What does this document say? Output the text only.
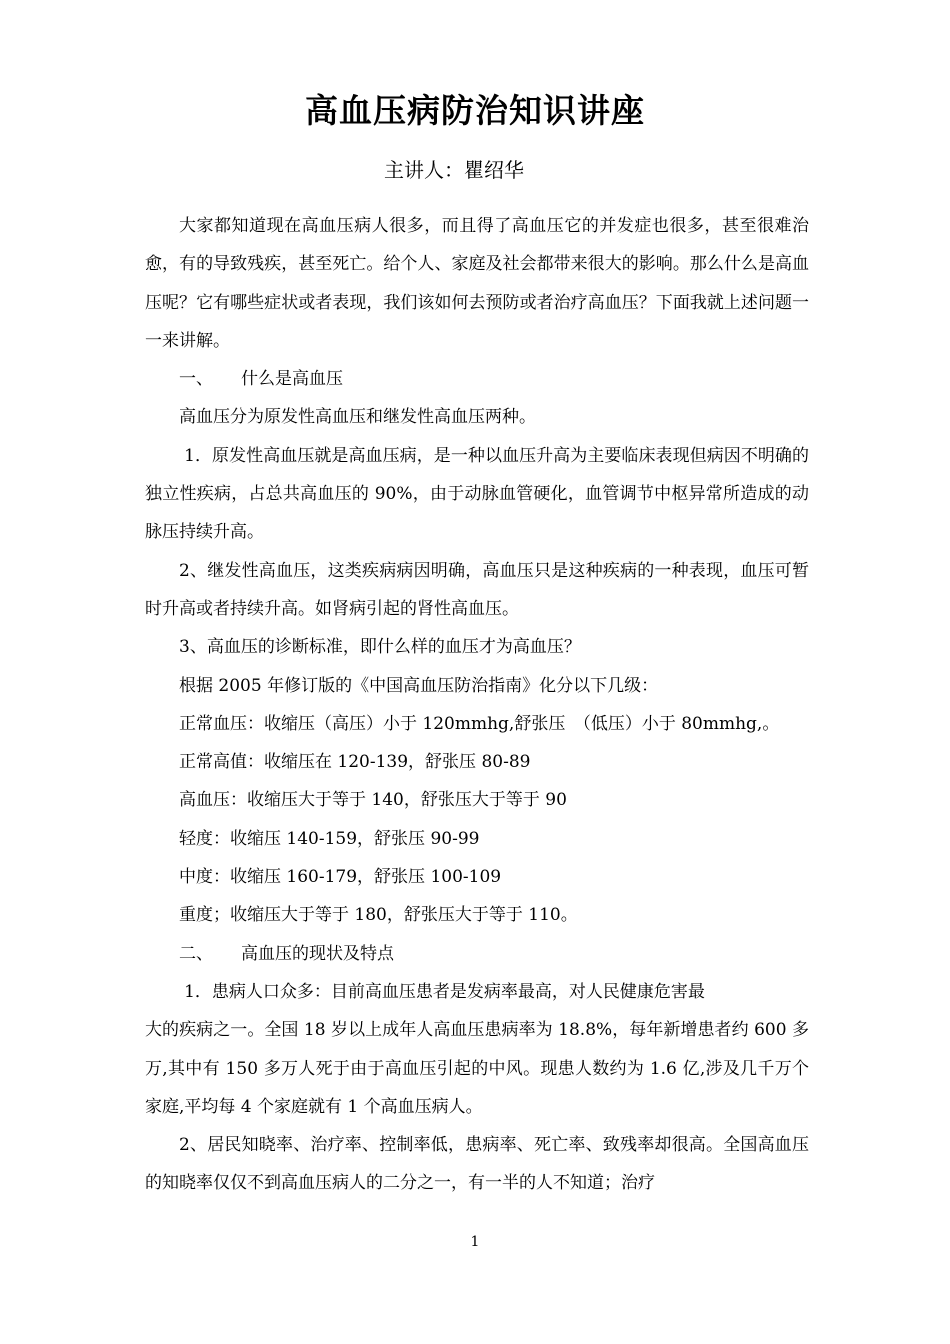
高血压病防治知识讲座
主讲人：瞿绍华

大家都知道现在高血压病人很多，而且得了高血压它的并发症也很多，甚至很难治愈，有的导致残疾，甚至死亡。给个人、家庭及社会都带来很大的影响。那么什么是高血压呢？它有哪些症状或者表现，我们该如何去预防或者治疗高血压？下面我就上述问题一一来讲解。

一、 什么是高血压

高血压分为原发性高血压和继发性高血压两种。

1．原发性高血压就是高血压病，是一种以血压升高为主要临床表现但病因不明确的独立性疾病，占总共高血压的 90%，由于动脉血管硬化，血管调节中枢异常所造成的动脉压持续升高。

2、继发性高血压，这类疾病病因明确，高血压只是这种疾病的一种表现，血压可暂时升高或者持续升高。如肾病引起的肾性高血压。

3、高血压的诊断标准，即什么样的血压才为高血压？

根据 2005 年修订版的《中国高血压防治指南》化分以下几级：

正常血压：收缩压（高压）小于 120mmhg,舒张压　（低压）小于 80mmhg,。

正常高值：收缩压在 120-139，舒张压 80-89

高血压：收缩压大于等于 140，舒张压大于等于 90

轻度：收缩压 140-159，舒张压 90-99

中度：收缩压 160-179，舒张压 100-109

重度；收缩压大于等于 180，舒张压大于等于 110。

二、 高血压的现状及特点

1．患病人口众多：目前高血压患者是发病率最高，对人民健康危害最

大的疾病之一。全国 18 岁以上成年人高血压患病率为 18.8%，每年新增患者约 600 多万,其中有 150 多万人死于由于高血压引起的中风。现患人数约为 1.6 亿,涉及几千万个家庭,平均每 4 个家庭就有 1 个高血压病人。

2、居民知晓率、治疗率、控制率低，患病率、死亡率、致残率却很高。全国高血压的知晓率仅仅不到高血压病人的二分之一，有一半的人不知道；治疗

1
